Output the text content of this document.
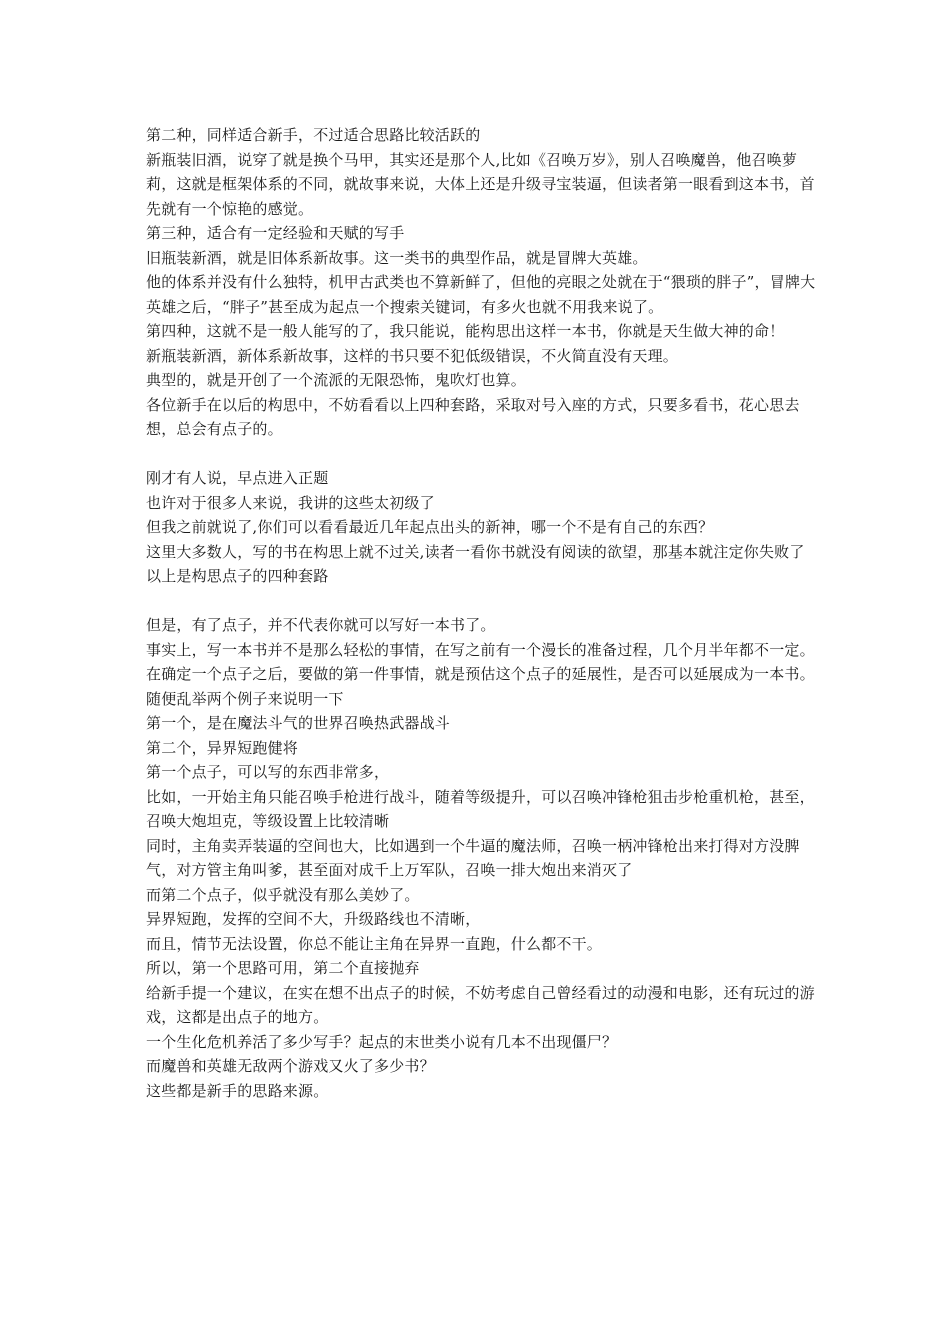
第二种，同样适合新手，不过适合思路比较活跃的

新瓶装旧酒，说穿了就是换个马甲，其实还是那个人,比如《召唤万岁》，别人召唤魔兽，他召唤萝莉，这就是框架体系的不同，就故事来说，大体上还是升级寻宝装逼，但读者第一眼看到这本书，首先就有一个惊艳的感觉。

第三种，适合有一定经验和天赋的写手

旧瓶装新酒，就是旧体系新故事。这一类书的典型作品，就是冒牌大英雄。

他的体系并没有什么独特，机甲古武类也不算新鲜了，但他的亮眼之处就在于“猥琐的胖子”，冒牌大英雄之后，“胖子”甚至成为起点一个搜索关键词，有多火也就不用我来说了。

第四种，这就不是一般人能写的了，我只能说，能构思出这样一本书，你就是天生做大神的命！

新瓶装新酒，新体系新故事，这样的书只要不犯低级错误，不火简直没有天理。

典型的，就是开创了一个流派的无限恐怖，鬼吹灯也算。

各位新手在以后的构思中，不妨看看以上四种套路，采取对号入座的方式，只要多看书，花心思去想，总会有点子的。

刚才有人说，早点进入正题

也许对于很多人来说，我讲的这些太初级了

但我之前就说了,你们可以看看最近几年起点出头的新神，哪一个不是有自己的东西？

这里大多数人，写的书在构思上就不过关,读者一看你书就没有阅读的欲望，那基本就注定你失败了

以上是构思点子的四种套路

但是，有了点子，并不代表你就可以写好一本书了。

事实上，写一本书并不是那么轻松的事情，在写之前有一个漫长的准备过程，几个月半年都不一定。

在确定一个点子之后，要做的第一件事情，就是预估这个点子的延展性，是否可以延展成为一本书。

随便乱举两个例子来说明一下

第一个，是在魔法斗气的世界召唤热武器战斗

第二个，异界短跑健将

第一个点子，可以写的东西非常多，

比如，一开始主角只能召唤手枪进行战斗，随着等级提升，可以召唤冲锋枪狙击步枪重机枪，甚至，召唤大炮坦克，等级设置上比较清晰

同时，主角卖弄装逼的空间也大，比如遇到一个牛逼的魔法师，召唤一柄冲锋枪出来打得对方没脾气，对方管主角叫爹，甚至面对成千上万军队，召唤一排大炮出来消灭了

而第二个点子，似乎就没有那么美妙了。

异界短跑，发挥的空间不大，升级路线也不清晰，

而且，情节无法设置，你总不能让主角在异界一直跑，什么都不干。

所以，第一个思路可用，第二个直接抛弃

给新手提一个建议，在实在想不出点子的时候，不妨考虑自己曾经看过的动漫和电影，还有玩过的游戏，这都是出点子的地方。

一个生化危机养活了多少写手？起点的末世类小说有几本不出现僵尸？

而魔兽和英雄无敌两个游戏又火了多少书？

这些都是新手的思路来源。
